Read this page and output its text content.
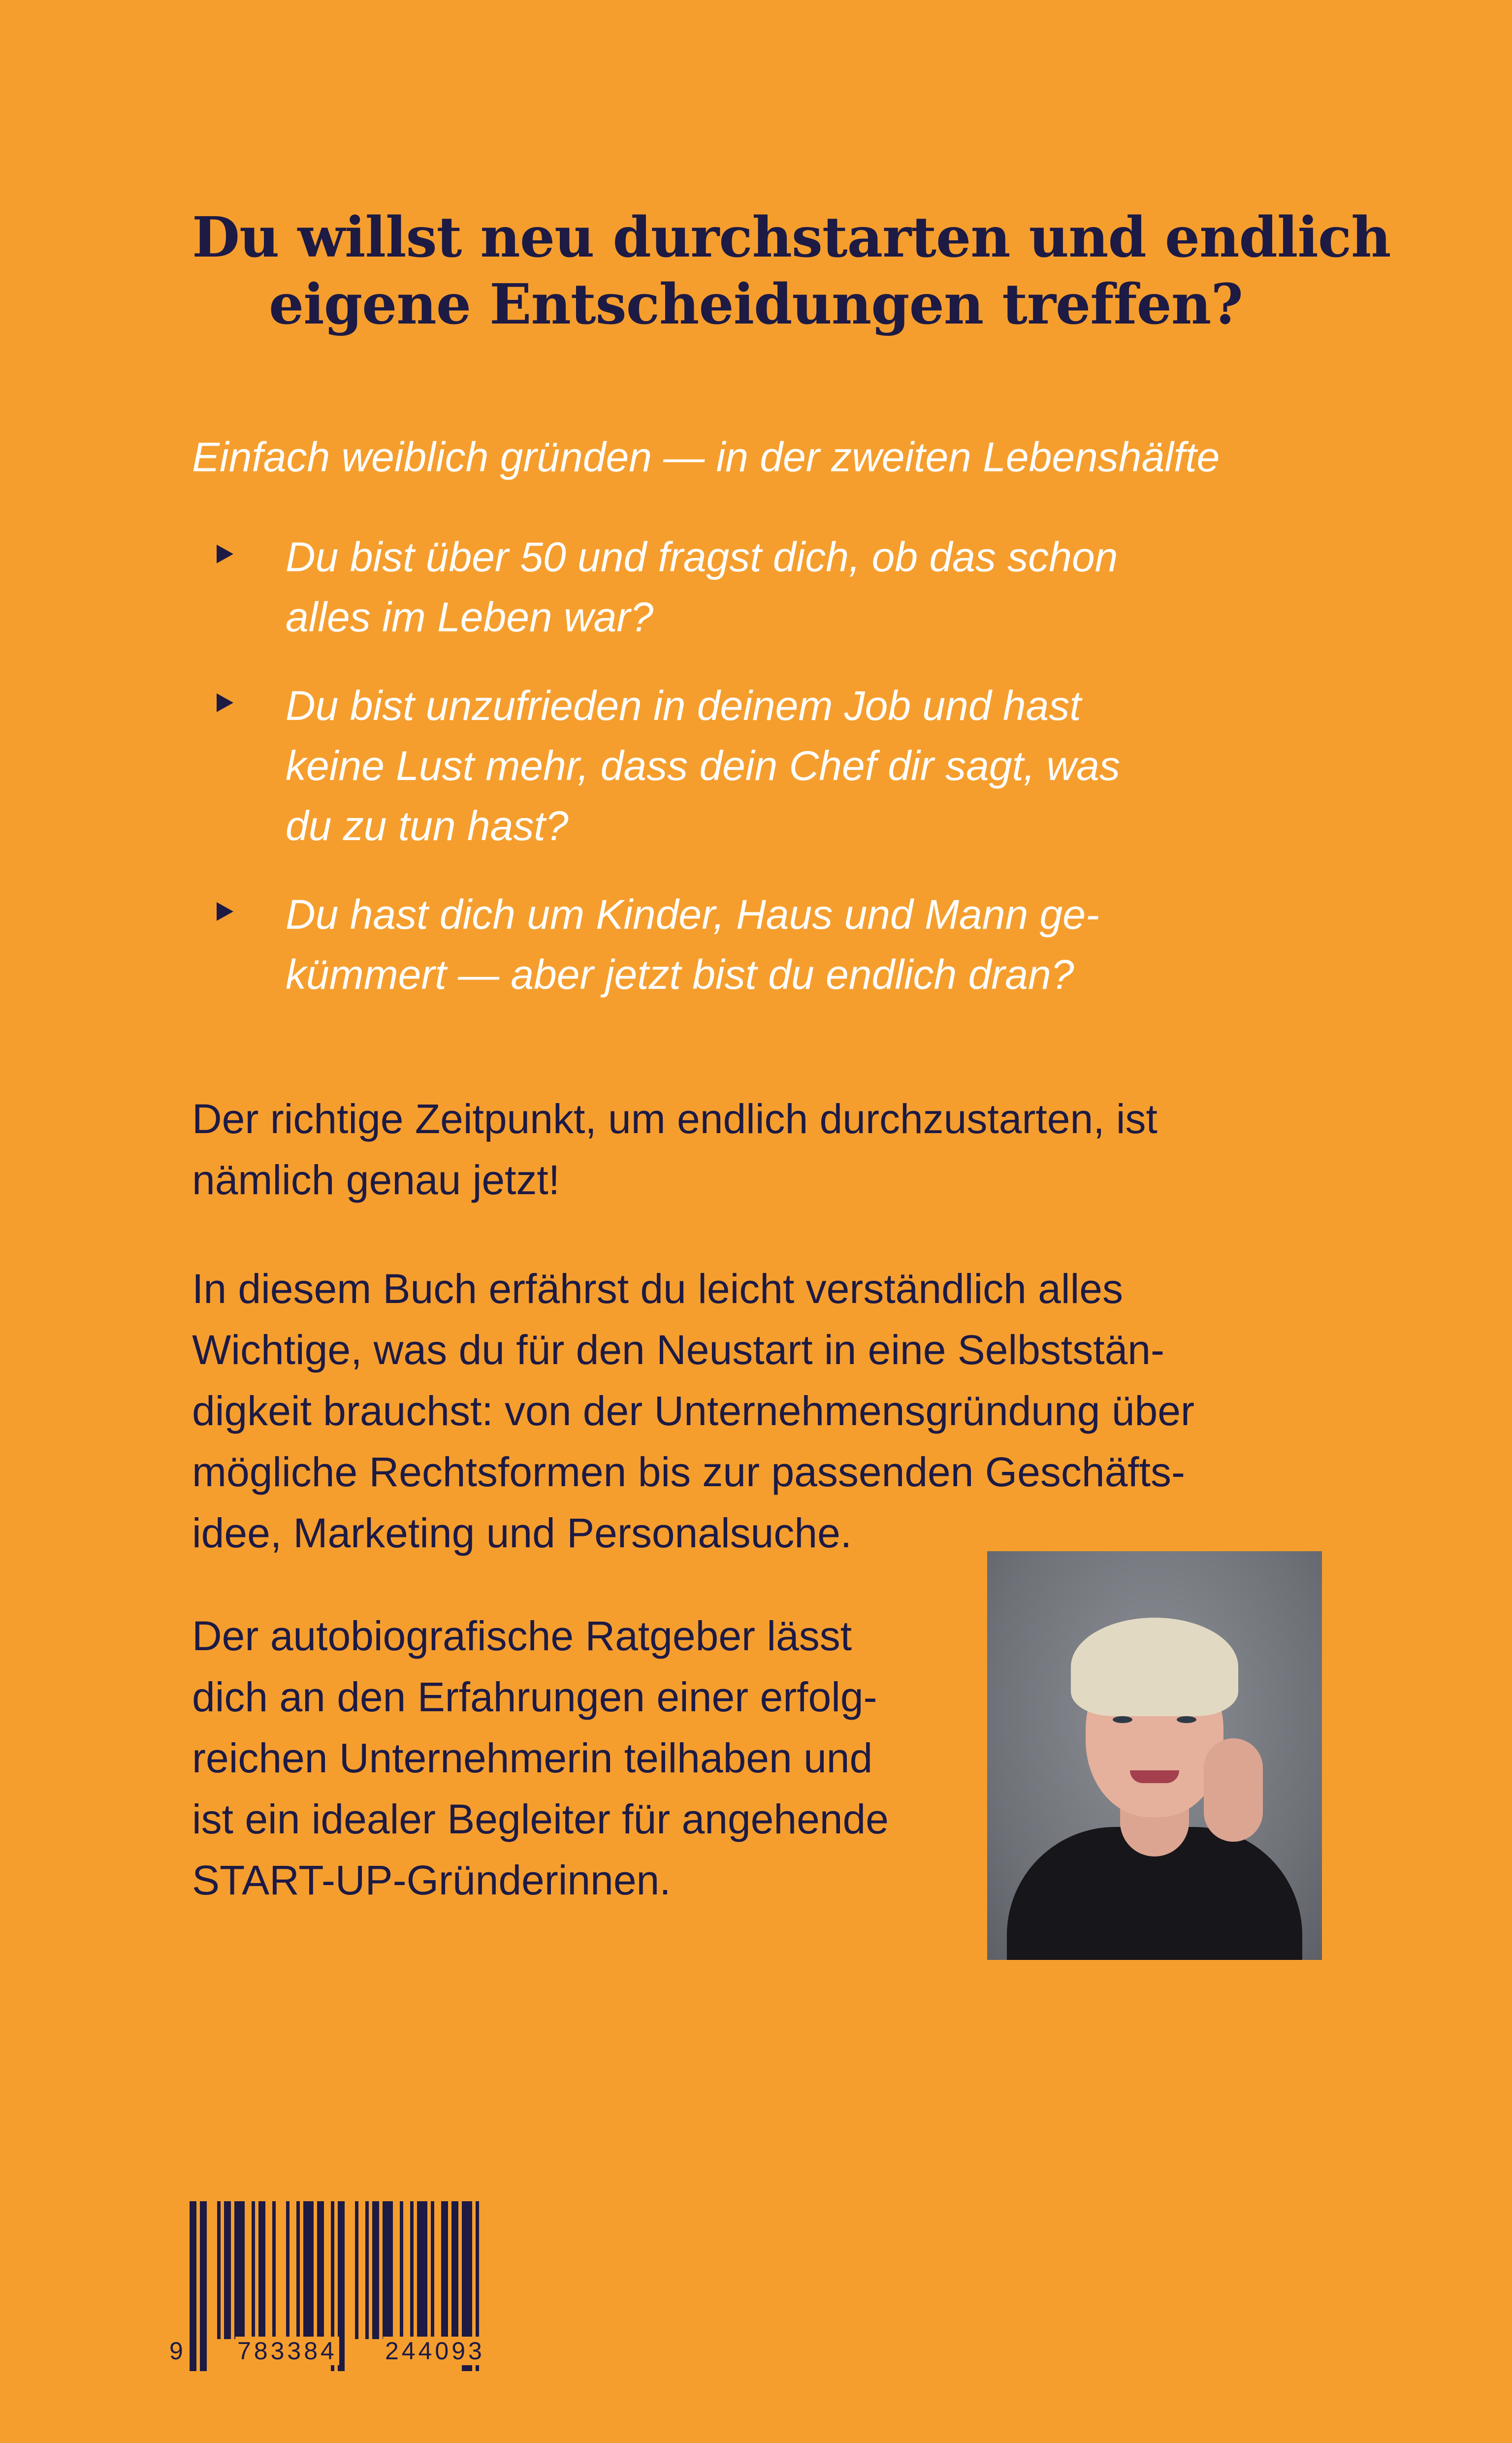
Du willst neu durchstarten und endlich
eigene Entscheidungen treffen?
Einfach weiblich gründen — in der zweiten Lebenshälfte
Du bist über 50 und fragst dich, ob das schon
alles im Leben war?
Du bist unzufrieden in deinem Job und hast
keine Lust mehr, dass dein Chef dir sagt, was
du zu tun hast?
Du hast dich um Kinder, Haus und Mann ge-
kümmert — aber jetzt bist du endlich dran?
Der richtige Zeitpunkt, um endlich durchzustarten, ist
nämlich genau jetzt!
In diesem Buch erfährst du leicht verständlich alles
Wichtige, was du für den Neustart in eine Selbststän-
digkeit brauchst: von der Unternehmensgründung über
mögliche Rechtsformen bis zur passenden Geschäfts-
idee, Marketing und Personalsuche.
Der autobiografische Ratgeber lässt
dich an den Erfahrungen einer erfolg-
reichen Unternehmerin teilhaben und
ist ein idealer Begleiter für angehende
START-UP-Gründerinnen.
9 783384 244093
